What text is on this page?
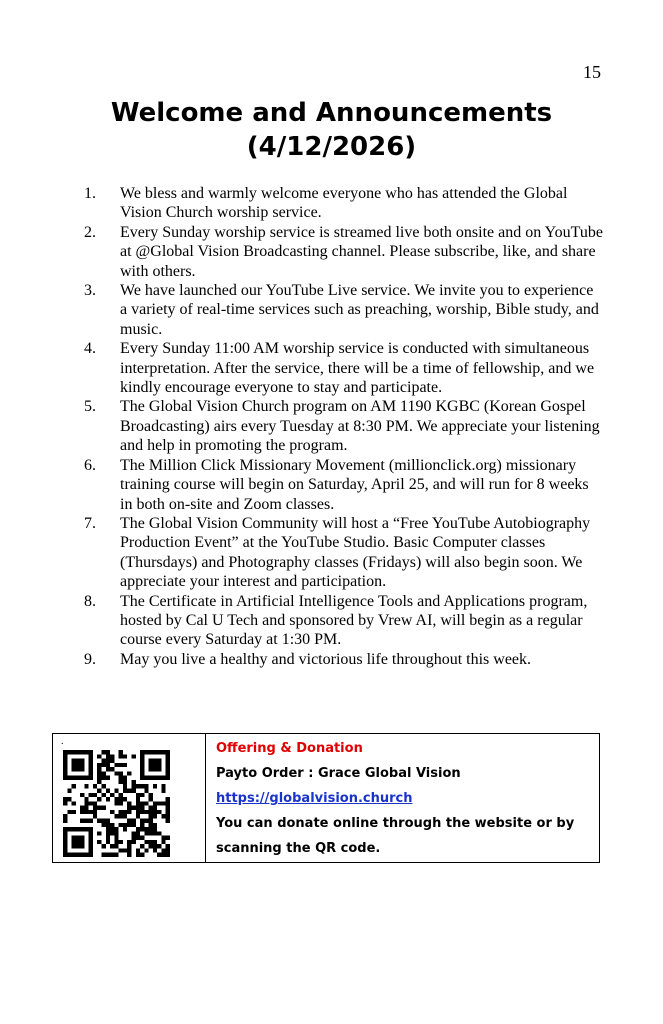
15
Welcome and Announcements
(4/12/2026)
1. We bless and warmly welcome everyone who has attended the Global Vision Church worship service.
2. Every Sunday worship service is streamed live both onsite and on YouTube at @Global Vision Broadcasting channel. Please subscribe, like, and share with others.
3. We have launched our YouTube Live service. We invite you to experience a variety of real-time services such as preaching, worship, Bible study, and music.
4. Every Sunday 11:00 AM worship service is conducted with simultaneous interpretation. After the service, there will be a time of fellowship, and we kindly encourage everyone to stay and participate.
5. The Global Vision Church program on AM 1190 KGBC (Korean Gospel Broadcasting) airs every Tuesday at 8:30 PM. We appreciate your listening and help in promoting the program.
6. The Million Click Missionary Movement (millionclick.org) missionary training course will begin on Saturday, April 25, and will run for 8 weeks in both on-site and Zoom classes.
7. The Global Vision Community will host a “Free YouTube Autobiography Production Event” at the YouTube Studio. Basic Computer classes (Thursdays) and Photography classes (Fridays) will also begin soon. We appreciate your interest and participation.
8. The Certificate in Artificial Intelligence Tools and Applications program, hosted by Cal U Tech and sponsored by Vrew AI, will begin as a regular course every Saturday at 1:30 PM.
9. May you live a healthy and victorious life throughout this week.
.	Offering & Donation
Payto Order : Grace Global Vision
https://globalvision.church
You can donate online through the website or by
scanning the QR code.
